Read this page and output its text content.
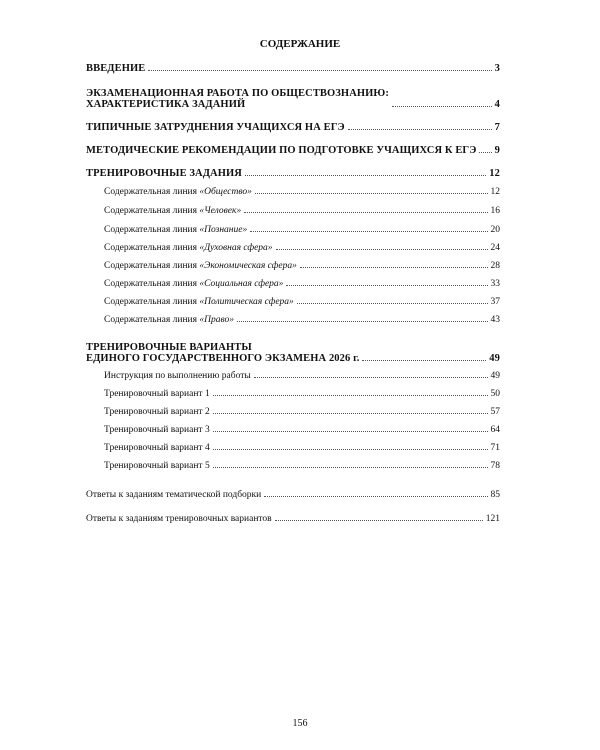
СОДЕРЖАНИЕ
ВВЕДЕНИЕ	3
ЭКЗАМЕНАЦИОННАЯ РАБОТА ПО ОБЩЕСТВОЗНАНИЮ:
ХАРАКТЕРИСТИКА ЗАДАНИЙ	4
ТИПИЧНЫЕ ЗАТРУДНЕНИЯ УЧАЩИХСЯ НА ЕГЭ	7
МЕТОДИЧЕСКИЕ РЕКОМЕНДАЦИИ ПО ПОДГОТОВКЕ УЧАЩИХСЯ К ЕГЭ 9
ТРЕНИРОВОЧНЫЕ ЗАДАНИЯ	12
Содержательная линия «Общество»	12
Содержательная линия «Человек»	16
Содержательная линия «Познание»	20
Содержательная линия «Духовная сфера»	24
Содержательная линия «Экономическая сфера»	28
Содержательная линия «Социальная сфера»	33
Содержательная линия «Политическая сфера»	37
Содержательная линия «Право»	43
ТРЕНИРОВОЧНЫЕ ВАРИАНТЫ
ЕДИНОГО ГОСУДАРСТВЕННОГО ЭКЗАМЕНА 2026 г.	49
Инструкция по выполнению работы	49
Тренировочный вариант 1	50
Тренировочный вариант 2	57
Тренировочный вариант 3	64
Тренировочный вариант 4	71
Тренировочный вариант 5	78
Ответы к заданиям тематической подборки	85
Ответы к заданиям тренировочных вариантов	121
156
